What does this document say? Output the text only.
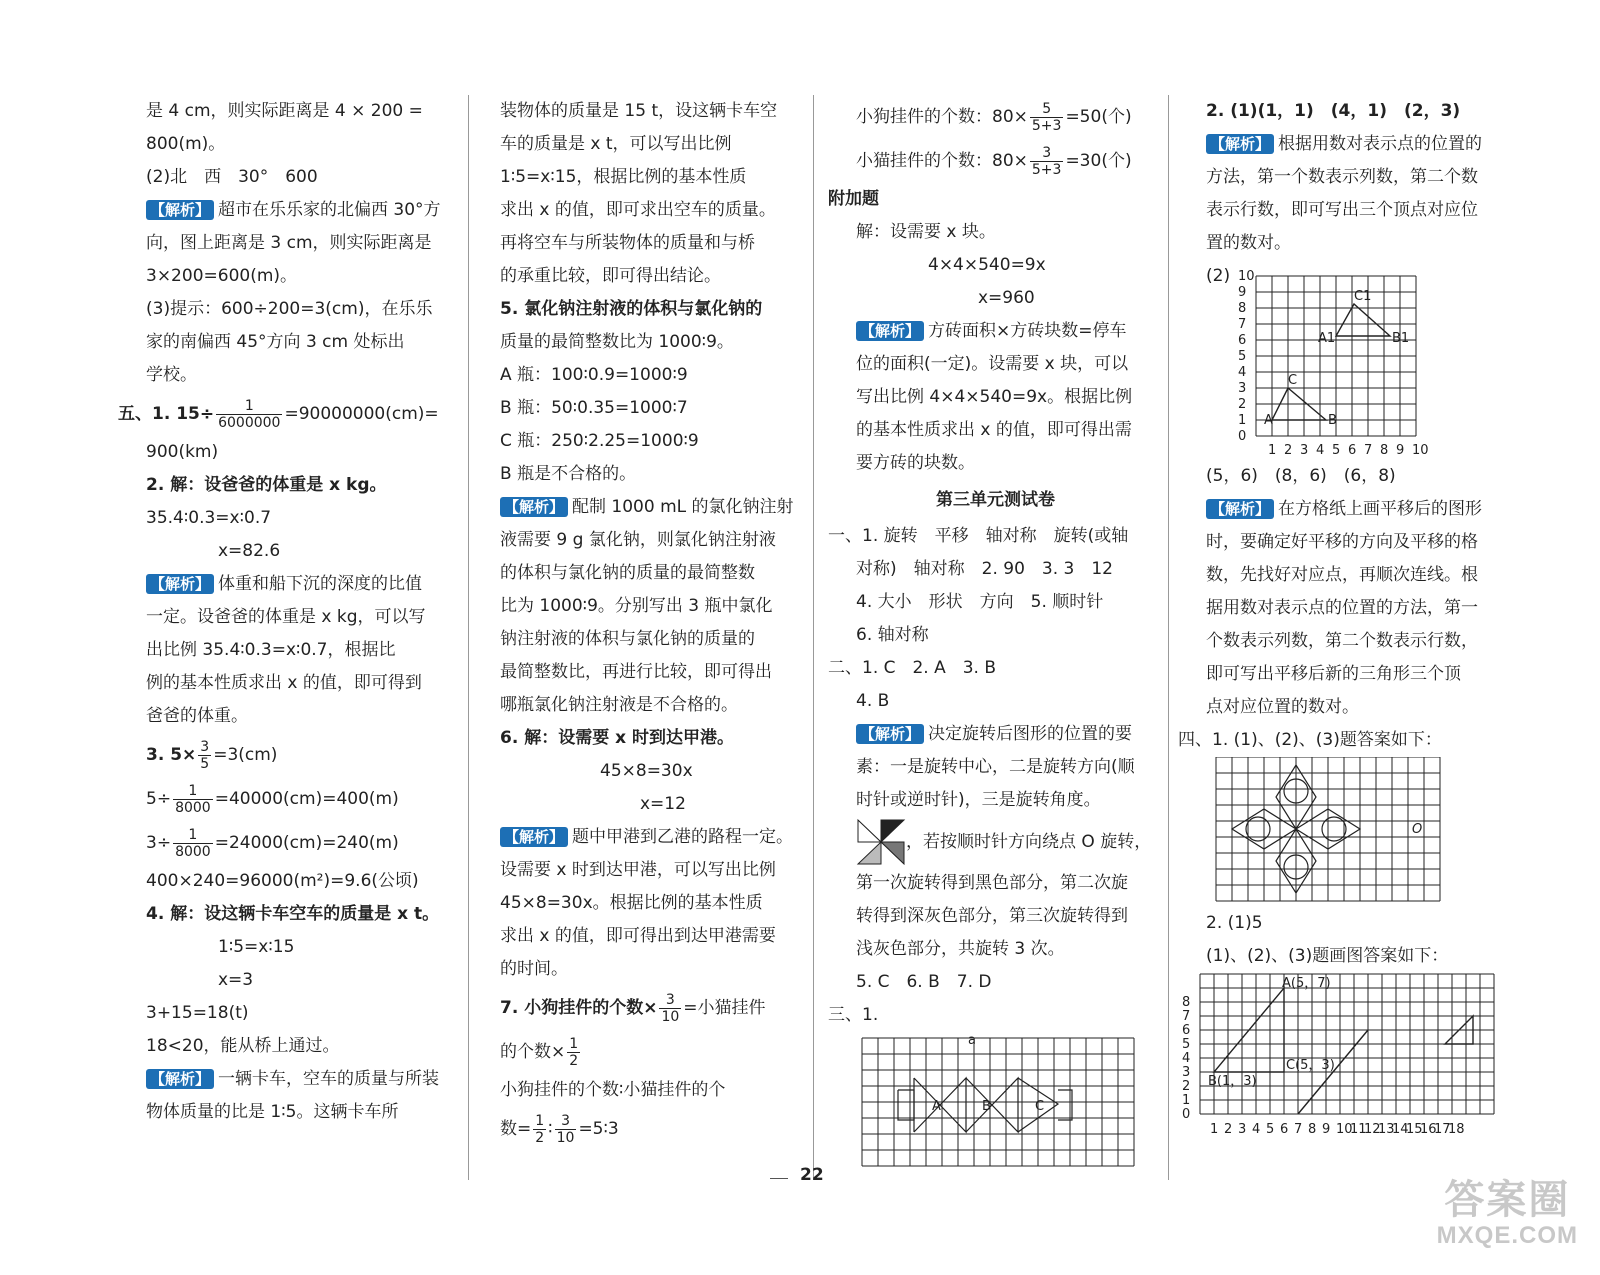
是 4 cm，则实际距离是 4 × 200 =
800(m)。
(2)北　西　30°　600
【解析】 超市在乐乐家的北偏西 30°方
向，图上距离是 3 cm，则实际距离是
3×200=600(m)。
(3)提示：600÷200=3(cm)，在乐乐
家的南偏西 45°方向 3 cm 处标出
学校。
五、1. $15\div \frac{1}{6000000} =90000000(cm)=$
900(km)
2. 解：设爸爸的体重是 x kg。
35.4∶0.3=x∶0.7
x=82.6
【解析】 体重和船下沉的深度的比值
一定。设爸爸的体重是 x kg，可以写
出比例 35.4∶0.3=x∶0.7，根据比
例的基本性质求出 x 的值，即可得到
爸爸的体重。
3. $5\times \frac{3}{5} =3(cm)$
$5\div \frac{1}{8000} =40000(cm)=400(m)$
$3\div \frac{1}{8000} =24000(cm)=240(m)$
400×240=96000(m²)=9.6(公顷)
4. 解：设这辆卡车空车的质量是 x t。
1∶5=x∶15
x=3
3+15=18(t)
18<20，能从桥上通过。
【解析】 一辆卡车，空车的质量与所装
物体质量的比是 1∶5。这辆卡车所
装物体的质量是 15 t，设这辆卡车空
车的质量是 x t，可以写出比例
1∶5=x∶15，根据比例的基本性质
求出 x 的值，即可求出空车的质量。
再将空车与所装物体的质量和与桥
的承重比较，即可得出结论。
5. 氯化钠注射液的体积与氯化钠的
质量的最简整数比为 1000∶9。
A 瓶：100∶0.9=1000∶9
B 瓶：50∶0.35=1000∶7
C 瓶：250∶2.25=1000∶9
B 瓶是不合格的。
【解析】 配制 1000 mL 的氯化钠注射
液需要 9 g 氯化钠，则氯化钠注射液
的体积与氯化钠的质量的最简整数
比为 1000∶9。分别写出 3 瓶中氯化
钠注射液的体积与氯化钠的质量的
最简整数比，再进行比较，即可得出
哪瓶氯化钠注射液是不合格的。
6. 解：设需要 x 时到达甲港。
45×8=30x
x=12
【解析】 题中甲港到乙港的路程一定。
设需要 x 时到达甲港，可以写出比例
45×8=30x。根据比例的基本性质
求出 x 的值，即可得出到达甲港需要
的时间。
7. 小狗挂件的个数× $\frac{3}{10}$ =小猫挂件
的个数× $\frac{1}{2}$
小狗挂件的个数∶小猫挂件的个
数= $\frac{1}{2}$ ∶ $\frac{3}{10}$ =5∶3
小狗挂件的个数：$80\times \frac{5}{5+3} =50$(个)
小猫挂件的个数：$80\times \frac{3}{5+3} =30$(个)
附加题
解：设需要 x 块。
4×4×540=9x
x=960
【解析】 方砖面积×方砖块数=停车
位的面积(一定)。设需要 x 块，可以
写出比例 4×4×540=9x。根据比例
的基本性质求出 x 的值，即可得出需
要方砖的块数。
第三单元测试卷
一、1. 旋转　平移　轴对称　旋转(或轴
对称)　轴对称　2. 90　3. 3　12
4. 大小　形状　方向　5. 顺时针
6. 轴对称
二、1. C　2. A　3. B
4. B
【解析】 决定旋转后图形的位置的要
素：一是旋转中心，二是旋转方向(顺
时针或逆时针)，三是旋转角度。
，若按顺时针方向绕点 O 旋转，
第一次旋转得到黑色部分，第二次旋
转得到深灰色部分，第三次旋转得到
浅灰色部分，共旋转 3 次。
5. C　6. B　7. D
三、1.
a
A	B	C
2. (1)(1，1)　(4，1)　(2，3)
【解析】 根据用数对表示点的位置的
方法，第一个数表示列数，第二个数
表示行数，即可写出三个顶点对应位
置的数对。
(2)
0
1
2
3
4
5
6
7
8
9
10
1 2 3 4 5 6 7 8 9 10
A	B
C
A1	B1
C1
(5，6)　(8，6)　(6，8)
【解析】 在方格纸上画平移后的图形
时，要确定好平移的方向及平移的格
数，先找好对应点，再顺次连线。根
据用数对表示点的位置的方法，第一
个数表示列数，第二个数表示行数，
即可写出平移后新的三角形三个顶
点对应位置的数对。
四、1. (1)、(2)、(3)题答案如下：
O
2. (1)5
(1)、(2)、(3)题画图答案如下：
0
1
2
3
4
5
6
7
8
1 2 3 4 5 6 7 8 9 10
11
12
13
14
15
16
17
18
A(5，7)
B(1，3)
C(5，3)
22
答案圈
MXQE.COM
